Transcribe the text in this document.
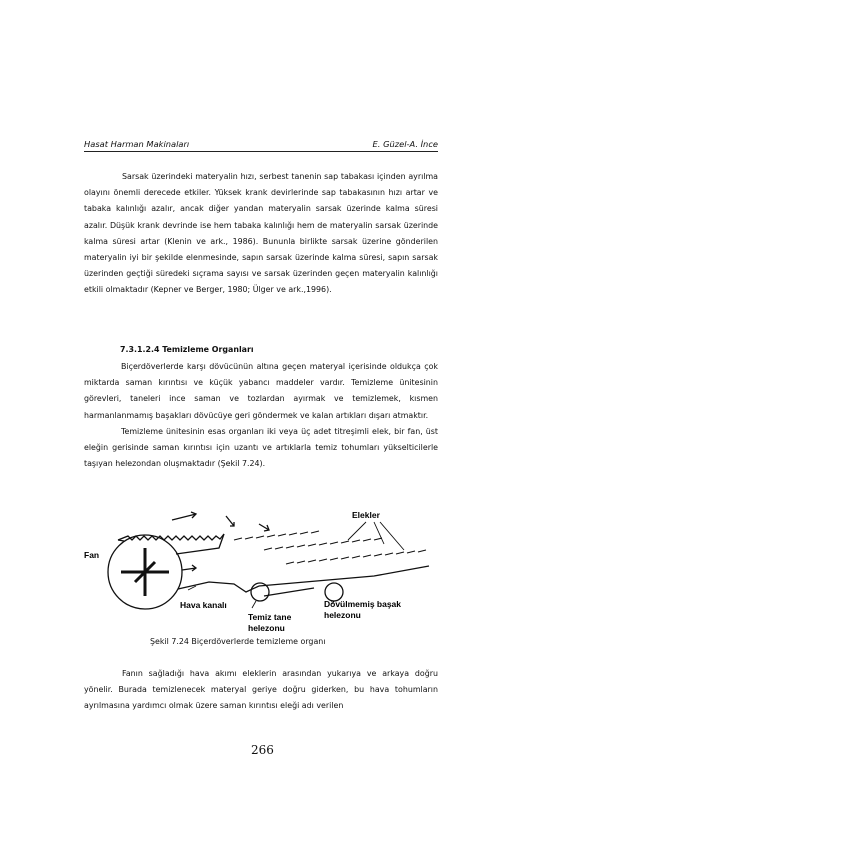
Hasat Harman Makinaları	E. Güzel-A. İnce

Sarsak üzerindeki materyalin hızı, serbest tanenin sap tabakası içinden ayrılma olayını önemli derecede etkiler. Yüksek krank devirlerinde sap tabakasının hızı artar ve tabaka kalınlığı azalır, ancak diğer yandan materyalin sarsak üzerinde kalma süresi azalır. Düşük krank devrinde ise hem tabaka kalınlığı hem de materyalin sarsak üzerinde kalma süresi artar (Klenin ve ark., 1986). Bununla birlikte sarsak üzerine gönderilen materyalin iyi bir şekilde elenmesinde, sapın sarsak üzerinde kalma süresi, sapın sarsak üzerinden geçtiği süredeki sıçrama sayısı ve sarsak üzerinden geçen materyalin kalınlığı etkili olmaktadır (Kepner ve Berger, 1980; Ülger ve ark.,1996).

7.3.1.2.4 Temizleme Organları

Biçerdöverlerde karşı dövücünün altına geçen materyal içerisinde oldukça çok miktarda saman kırıntısı ve küçük yabancı maddeler vardır. Temizleme ünitesinin görevleri, taneleri ince saman ve tozlardan ayırmak ve temizlemek, kısmen harmanlanmamış başakları dövücüye geri göndermek ve kalan artıkları dışarı atmaktır.

Temizleme ünitesinin esas organları iki veya üç adet titreşimli elek, bir fan, üst eleğin gerisinde saman kırıntısı için uzantı ve artıklarla temiz tohumları yükselticilerle taşıyan helezondan oluşmaktadır (Şekil 7.24).

Fan
Elekler
Hava kanalı
Temiz tane
helezonu
Dövülmemiş başak
helezonu
Şekil 7.24 Biçerdöverlerde temizleme organı

Fanın sağladığı hava akımı eleklerin arasından yukarıya ve arkaya doğru yönelir. Burada temizlenecek materyal geriye doğru giderken, bu hava tohumların ayrılmasına yardımcı olmak üzere saman kırıntısı eleği adı verilen

266
